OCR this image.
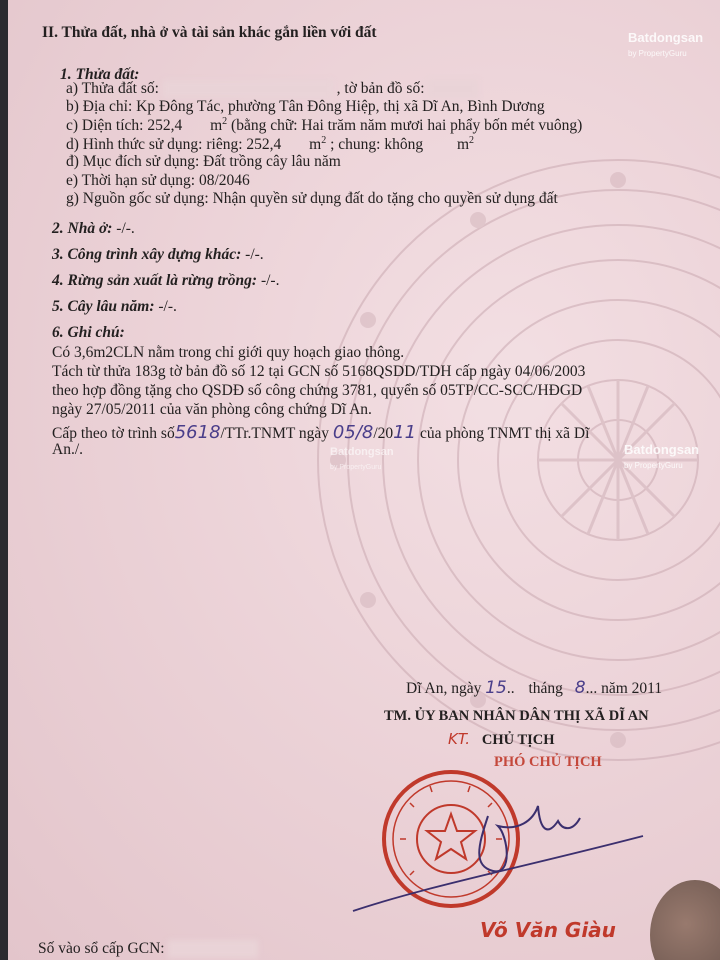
Batdongsan
by PropertyGuru
Batdongsan
by PropertyGuru
Batdongsan
by PropertyGuru
II. Thửa đất, nhà ở và tài sản khác gắn liền với đất
1. Thửa đất:
a) Thửa đất số:	, tờ bản đồ số:
b) Địa chỉ: Kp Đông Tác, phường Tân Đông Hiệp, thị xã Dĩ An, Bình Dương
c) Diện tích: 252,4 $m^2$ (bằng chữ: Hai trăm năm mươi hai phẩy bốn mét vuông)
d) Hình thức sử dụng: riêng: 252,4 $m^2$ ; chung: không $m^2$
đ) Mục đích sử dụng: Đất trồng cây lâu năm
e) Thời hạn sử dụng: 08/2046
g) Nguồn gốc sử dụng: Nhận quyền sử dụng đất do tặng cho quyền sử dụng đất
2. Nhà ở: -/-.
3. Công trình xây dựng khác: -/-.
4. Rừng sản xuất là rừng trồng: -/-.
5. Cây lâu năm: -/-.
6. Ghi chú:
Có 3,6m2CLN nằm trong chỉ giới quy hoạch giao thông.
Tách từ thửa 183g tờ bản đồ số 12 tại GCN số 5168QSDD/TDH cấp ngày 04/06/2003
theo hợp đồng tặng cho QSDĐ số công chứng 3781, quyển số 05TP/CC-SCC/HĐGD
ngày 27/05/2011 của văn phòng công chứng Dĩ An.
Cấp theo tờ trình số5618/TTr.TNMT ngày 05/8/2011 của phòng TNMT thị xã Dĩ
An./.
Dĩ An, ngày 15.. tháng 8... năm 2011
TM. ỦY BAN NHÂN DÂN THỊ XÃ DĨ AN
KT. CHỦ TỊCH
PHÓ CHỦ TỊCH
Võ Văn Giàu
Số vào sổ cấp GCN:
